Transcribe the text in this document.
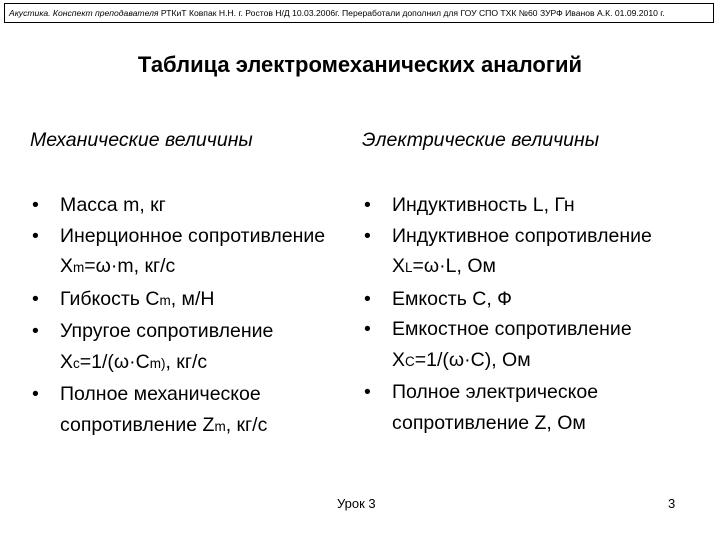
Акустика. Конспект преподавателя РТКиТ Ковпак Н.Н. г. Ростов Н/Д 10.03.2006г. Переработали дополнил для ГОУ СПО ТХК №60 ЗУРФ Иванов А.К. 01.09.2010 г.
Таблица электромеханических аналогий

Механические величины	Электрические величины

• Масса m, кг
• Инерционное сопротивление Xm=ω·m, кг/с
• Гибкость Cm, м/Н
• Упругое сопротивление Xc=1/(ω·Cm), кг/с
• Полное механическое сопротивление Zm, кг/с
• Индуктивность L, Гн
• Индуктивное сопротивление XL=ω·L, Ом
• Емкость С, Ф
• Емкостное сопротивление XC=1/(ω·C), Ом
• Полное электрическое сопротивление Z, Ом
Урок 3	3
